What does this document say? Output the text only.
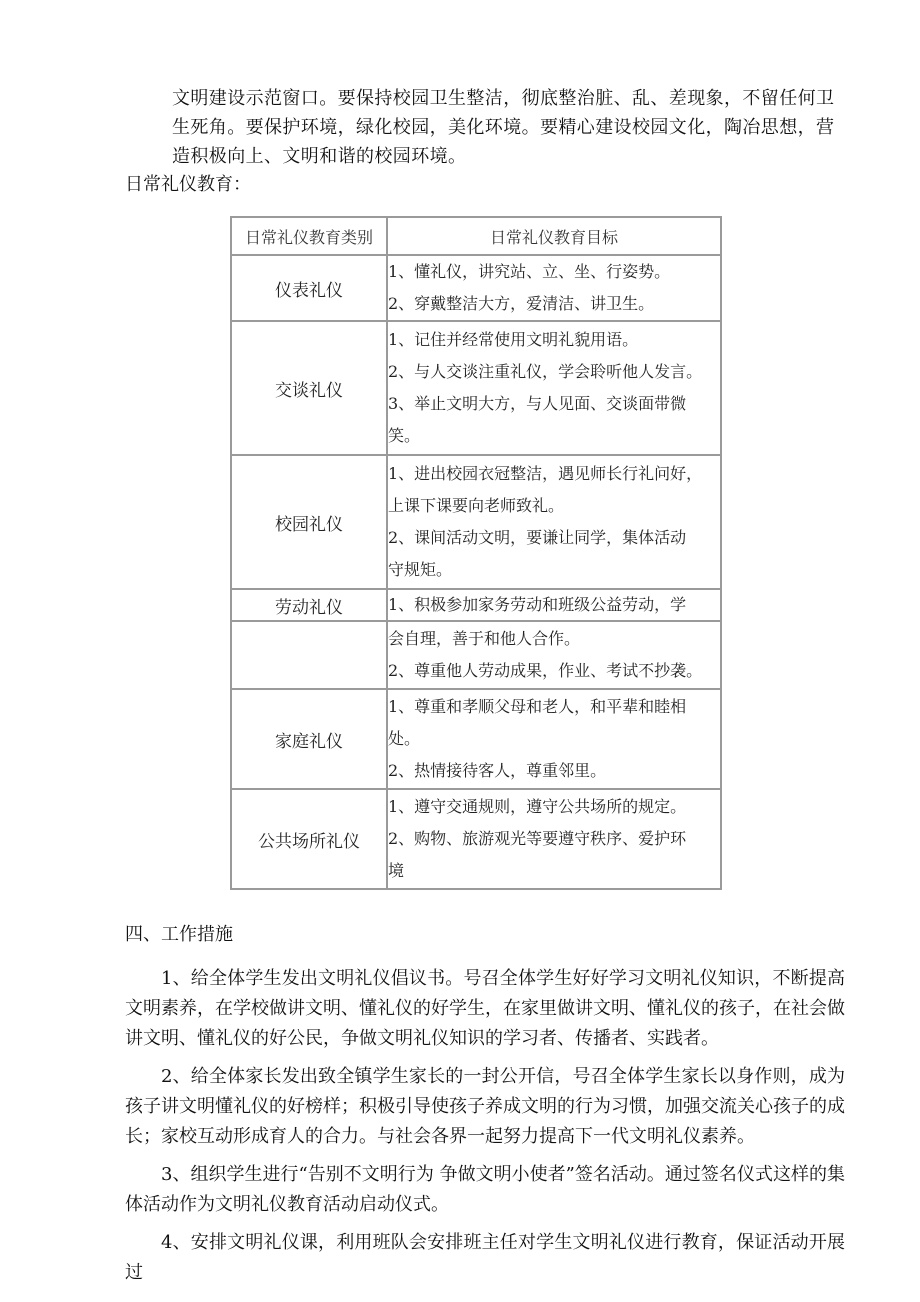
文明建设示范窗口。要保持校园卫生整洁，彻底整治脏、乱、差现象，不留任何卫生死角。要保护环境，绿化校园，美化环境。要精心建设校园文化，陶冶思想，营造积极向上、文明和谐的校园环境。

日常礼仪教育：

日常礼仪教育类别	日常礼仪教育目标
仪表礼仪	1、懂礼仪，讲究站、立、坐、行姿势。
2、穿戴整洁大方，爱清洁、讲卫生。

交谈礼仪	1、记住并经常使用文明礼貌用语。
2、与人交谈注重礼仪，学会聆听他人发言。
3、举止文明大方，与人见面、交谈面带微
笑。

校园礼仪	1、进出校园衣冠整洁，遇见师长行礼问好，
上课下课要向老师致礼。
2、课间活动文明，要谦让同学，集体活动
守规矩。

劳动礼仪	1、积极参加家务劳动和班级公益劳动，学

	会自理，善于和他人合作。
2、尊重他人劳动成果，作业、考试不抄袭。

家庭礼仪	1、尊重和孝顺父母和老人，和平辈和睦相
处。
2、热情接待客人，尊重邻里。

公共场所礼仪	1、遵守交通规则，遵守公共场所的规定。
2、购物、旅游观光等要遵守秩序、爱护环
境

四、工作措施

1、给全体学生发出文明礼仪倡议书。号召全体学生好好学习文明礼仪知识，不断提高文明素养，在学校做讲文明、懂礼仪的好学生，在家里做讲文明、懂礼仪的孩子，在社会做讲文明、懂礼仪的好公民，争做文明礼仪知识的学习者、传播者、实践者。

2、给全体家长发出致全镇学生家长的一封公开信，号召全体学生家长以身作则，成为孩子讲文明懂礼仪的好榜样；积极引导使孩子养成文明的行为习惯，加强交流关心孩子的成长；家校互动形成育人的合力。与社会各界一起努力提高下一代文明礼仪素养。

3、组织学生进行“告别不文明行为 争做文明小使者”签名活动。通过签名仪式这样的集体活动作为文明礼仪教育活动启动仪式。

4、安排文明礼仪课，利用班队会安排班主任对学生文明礼仪进行教育，保证活动开展过
